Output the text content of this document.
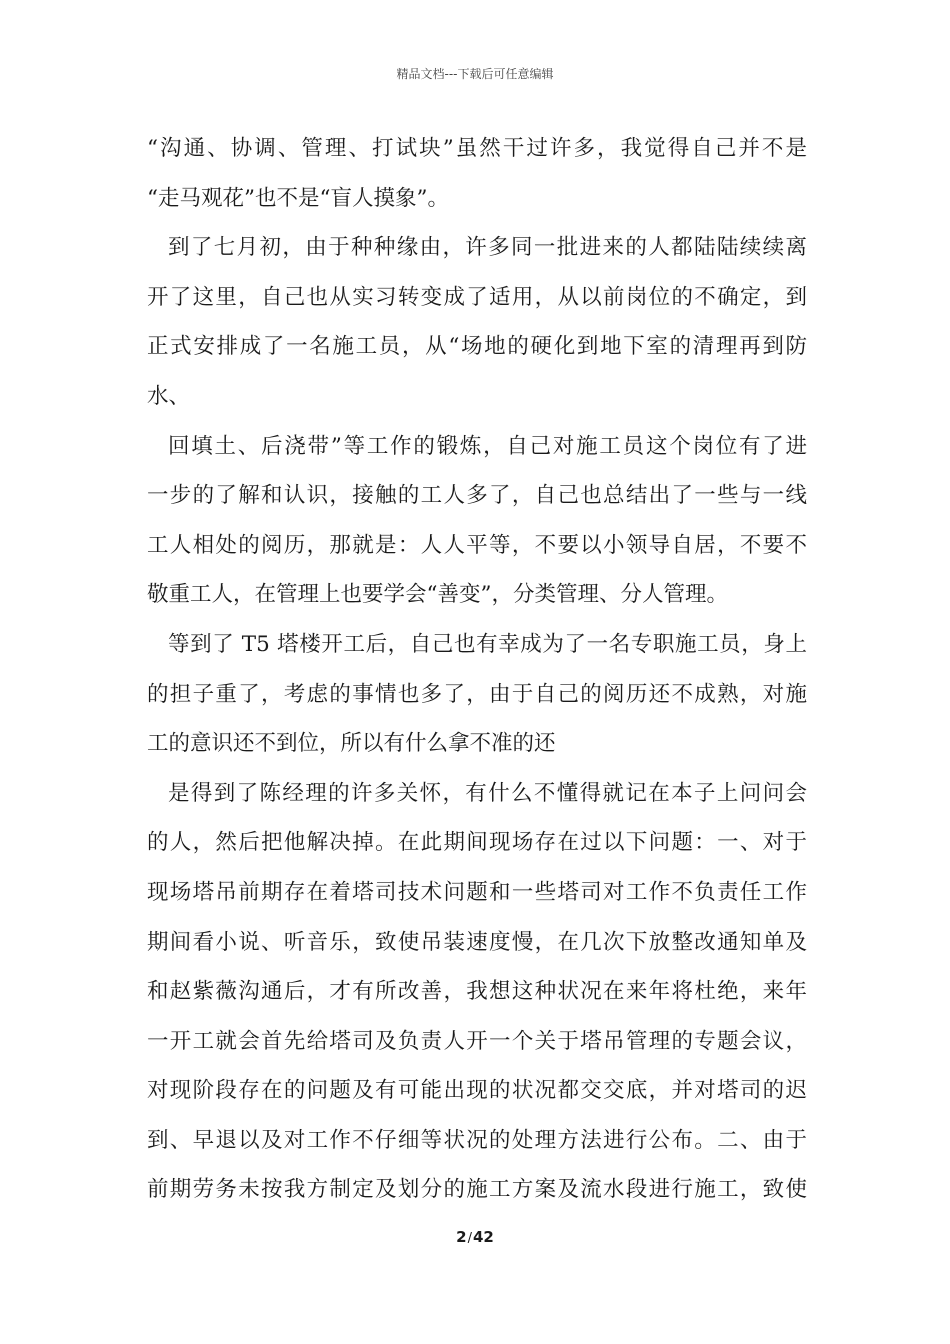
精品文档---下载后可任意编辑
“沟通、协调、管理、打试块”虽然干过许多，我觉得自己并不是
“走马观花”也不是“盲人摸象”。
到了七月初，由于种种缘由，许多同一批进来的人都陆陆续续离
开了这里，自己也从实习转变成了适用，从以前岗位的不确定，到
正式安排成了一名施工员，从“场地的硬化到地下室的清理再到防
水、
回填土、后浇带”等工作的锻炼，自己对施工员这个岗位有了进
一步的了解和认识，接触的工人多了，自己也总结出了一些与一线
工人相处的阅历，那就是：人人平等，不要以小领导自居，不要不
敬重工人，在管理上也要学会“善变”，分类管理、分人管理。
等到了 T5 塔楼开工后，自己也有幸成为了一名专职施工员，身上
的担子重了，考虑的事情也多了，由于自己的阅历还不成熟，对施
工的意识还不到位，所以有什么拿不准的还
是得到了陈经理的许多关怀，有什么不懂得就记在本子上问问会
的人，然后把他解决掉。在此期间现场存在过以下问题：一、对于
现场塔吊前期存在着塔司技术问题和一些塔司对工作不负责任工作
期间看小说、听音乐，致使吊装速度慢，在几次下放整改通知单及
和赵紫薇沟通后，才有所改善，我想这种状况在来年将杜绝，来年
一开工就会首先给塔司及负责人开一个关于塔吊管理的专题会议，
对现阶段存在的问题及有可能出现的状况都交交底，并对塔司的迟
到、早退以及对工作不仔细等状况的处理方法进行公布。二、由于
前期劳务未按我方制定及划分的施工方案及流水段进行施工，致使
2/42
